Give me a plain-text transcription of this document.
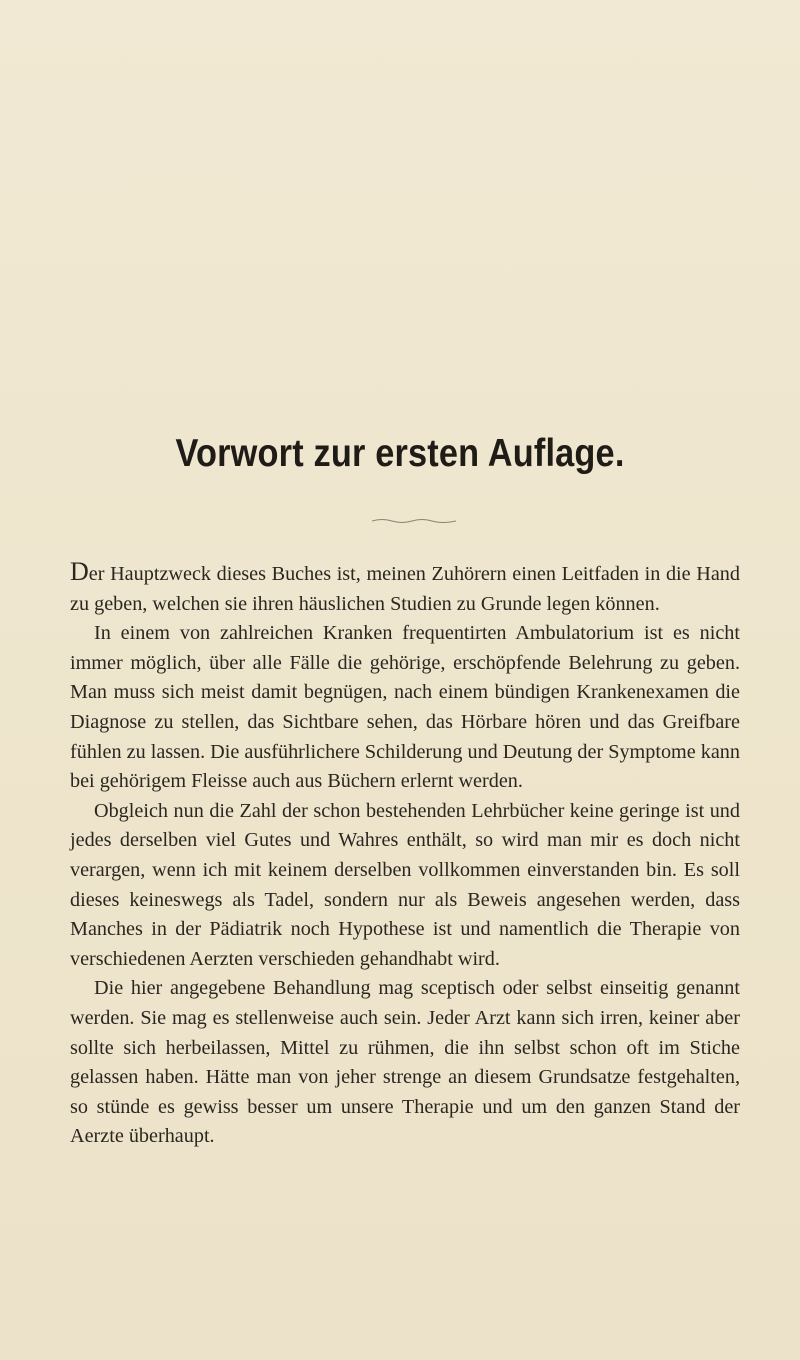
Vorwort zur ersten Auflage.

Der Hauptzweck dieses Buches ist, meinen Zuhörern einen Leitfaden in die Hand zu geben, welchen sie ihren häuslichen Studien zu Grunde legen können.

In einem von zahlreichen Kranken frequentirten Ambulatorium ist es nicht immer möglich, über alle Fälle die gehörige, erschöpfende Belehrung zu geben. Man muss sich meist damit begnügen, nach einem bündigen Krankenexamen die Diagnose zu stellen, das Sichtbare sehen, das Hörbare hören und das Greifbare fühlen zu lassen. Die ausführlichere Schilderung und Deutung der Symptome kann bei gehörigem Fleisse auch aus Büchern erlernt werden.

Obgleich nun die Zahl der schon bestehenden Lehrbücher keine geringe ist und jedes derselben viel Gutes und Wahres enthält, so wird man mir es doch nicht verargen, wenn ich mit keinem derselben vollkommen einverstanden bin. Es soll dieses keineswegs als Tadel, sondern nur als Beweis angesehen werden, dass Manches in der Pädiatrik noch Hypothese ist und namentlich die Therapie von verschiedenen Aerzten verschieden gehandhabt wird.

Die hier angegebene Behandlung mag sceptisch oder selbst einseitig genannt werden. Sie mag es stellenweise auch sein. Jeder Arzt kann sich irren, keiner aber sollte sich herbeilassen, Mittel zu rühmen, die ihn selbst schon oft im Stiche gelassen haben. Hätte man von jeher strenge an diesem Grundsatze festgehalten, so stünde es gewiss besser um unsere Therapie und um den ganzen Stand der Aerzte überhaupt.
